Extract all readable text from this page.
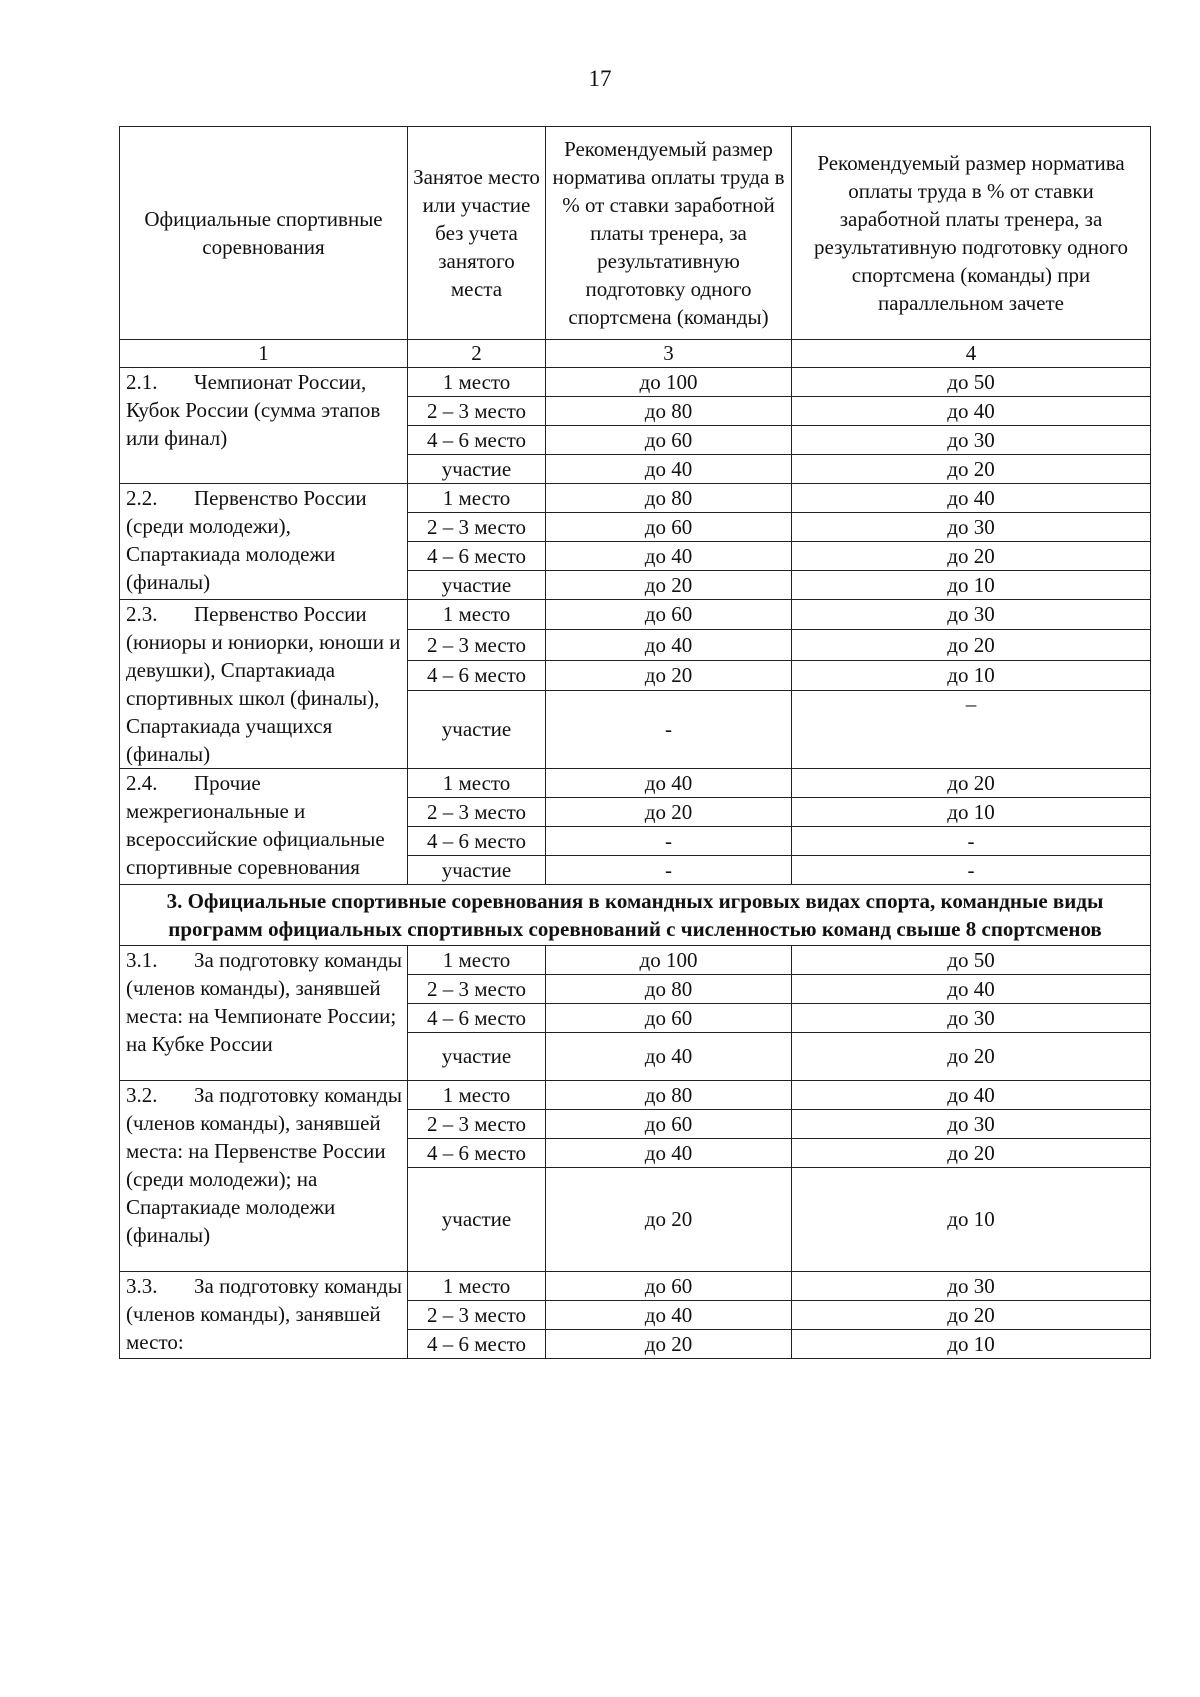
17
Официальные спортивные соревнования	Занятое место или участие без учета занятого места	Рекомендуемый размер норматива оплаты труда в % от ставки заработной платы тренера, за результативную подготовку одного спортсмена (команды)	Рекомендуемый размер норматива оплаты труда в % от ставки заработной платы тренера, за результативную подготовку одного спортсмена (команды) при параллельном зачете
1	2	3	4
2.1. Чемпионат России, Кубок России (сумма этапов или финал)	1 место	до 100	до 50
	2 – 3 место	до 80	до 40
	4 – 6 место	до 60	до 30
	участие	до 40	до 20
2.2. Первенство России (среди молодежи), Спартакиада молодежи (финалы)	1 место	до 80	до 40
	2 – 3 место	до 60	до 30
	4 – 6 место	до 40	до 20
	участие	до 20	до 10
2.3. Первенство России (юниоры и юниорки, юноши и девушки), Спартакиада спортивных школ (финалы), Спартакиада учащихся (финалы)	1 место	до 60	до 30
	2 – 3 место	до 40	до 20
	4 – 6 место	до 20	до 10
	участие	-	–
2.4. Прочие межрегиональные и всероссийские официальные спортивные соревнования	1 место	до 40	до 20
	2 – 3 место	до 20	до 10
	4 – 6 место	-	-
	участие	-	-
3. Официальные спортивные соревнования в командных игровых видах спорта, командные виды программ официальных спортивных соревнований с численностью команд свыше 8 спортсменов			
3.1. За подготовку команды (членов команды), занявшей места: на Чемпионате России; на Кубке России	1 место	до 100	до 50
	2 – 3 место	до 80	до 40
	4 – 6 место	до 60	до 30
	участие	до 40	до 20
3.2. За подготовку команды (членов команды), занявшей места: на Первенстве России (среди молодежи); на Спартакиаде молодежи (финалы)	1 место	до 80	до 40
	2 – 3 место	до 60	до 30
	4 – 6 место	до 40	до 20
	участие	до 20	до 10
3.3. За подготовку команды (членов команды), занявшей место:	1 место	до 60	до 30
	2 – 3 место	до 40	до 20
	4 – 6 место	до 20	до 10
